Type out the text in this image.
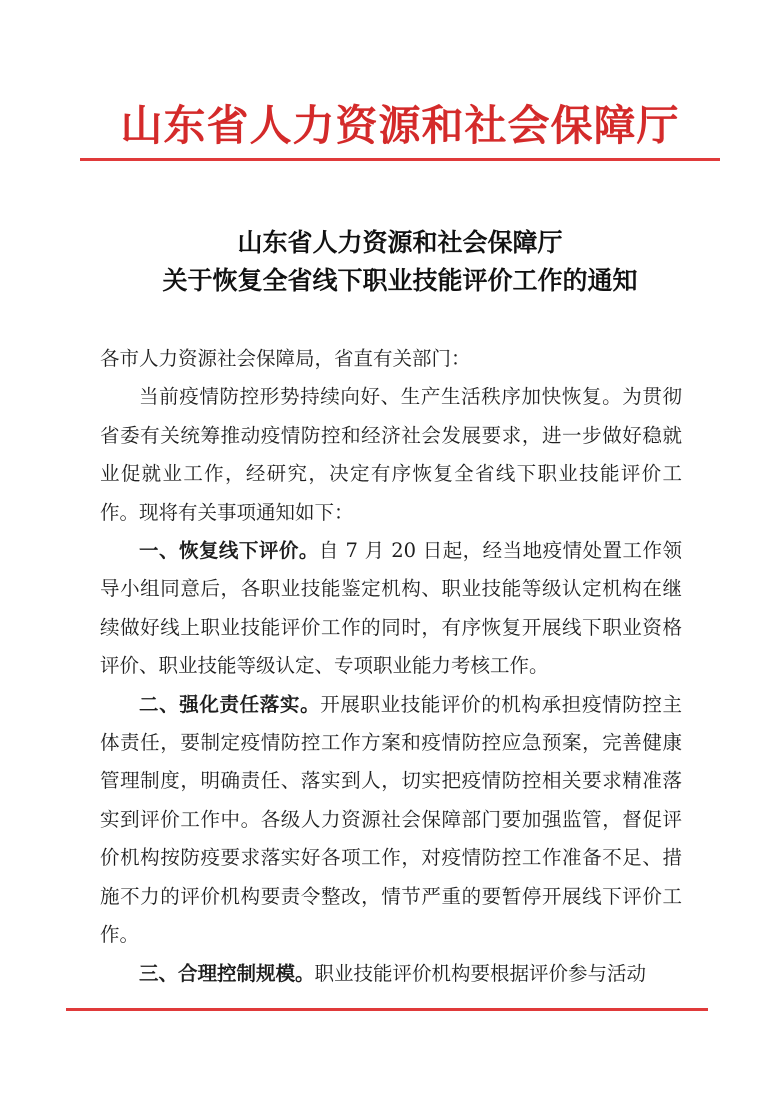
山东省人力资源和社会保障厅
山东省人力资源和社会保障厅
关于恢复全省线下职业技能评价工作的通知

各市人力资源社会保障局，省直有关部门：

当前疫情防控形势持续向好、生产生活秩序加快恢复。为贯彻省委有关统筹推动疫情防控和经济社会发展要求，进一步做好稳就业促就业工作，经研究，决定有序恢复全省线下职业技能评价工作。现将有关事项通知如下：

一、恢复线下评价。自 7 月 20 日起，经当地疫情处置工作领导小组同意后，各职业技能鉴定机构、职业技能等级认定机构在继续做好线上职业技能评价工作的同时，有序恢复开展线下职业资格评价、职业技能等级认定、专项职业能力考核工作。

二、强化责任落实。开展职业技能评价的机构承担疫情防控主体责任，要制定疫情防控工作方案和疫情防控应急预案，完善健康管理制度，明确责任、落实到人，切实把疫情防控相关要求精准落实到评价工作中。各级人力资源社会保障部门要加强监管，督促评价机构按防疫要求落实好各项工作，对疫情防控工作准备不足、措施不力的评价机构要责令整改，情节严重的要暂停开展线下评价工作。

三、合理控制规模。职业技能评价机构要根据评价参与活动
